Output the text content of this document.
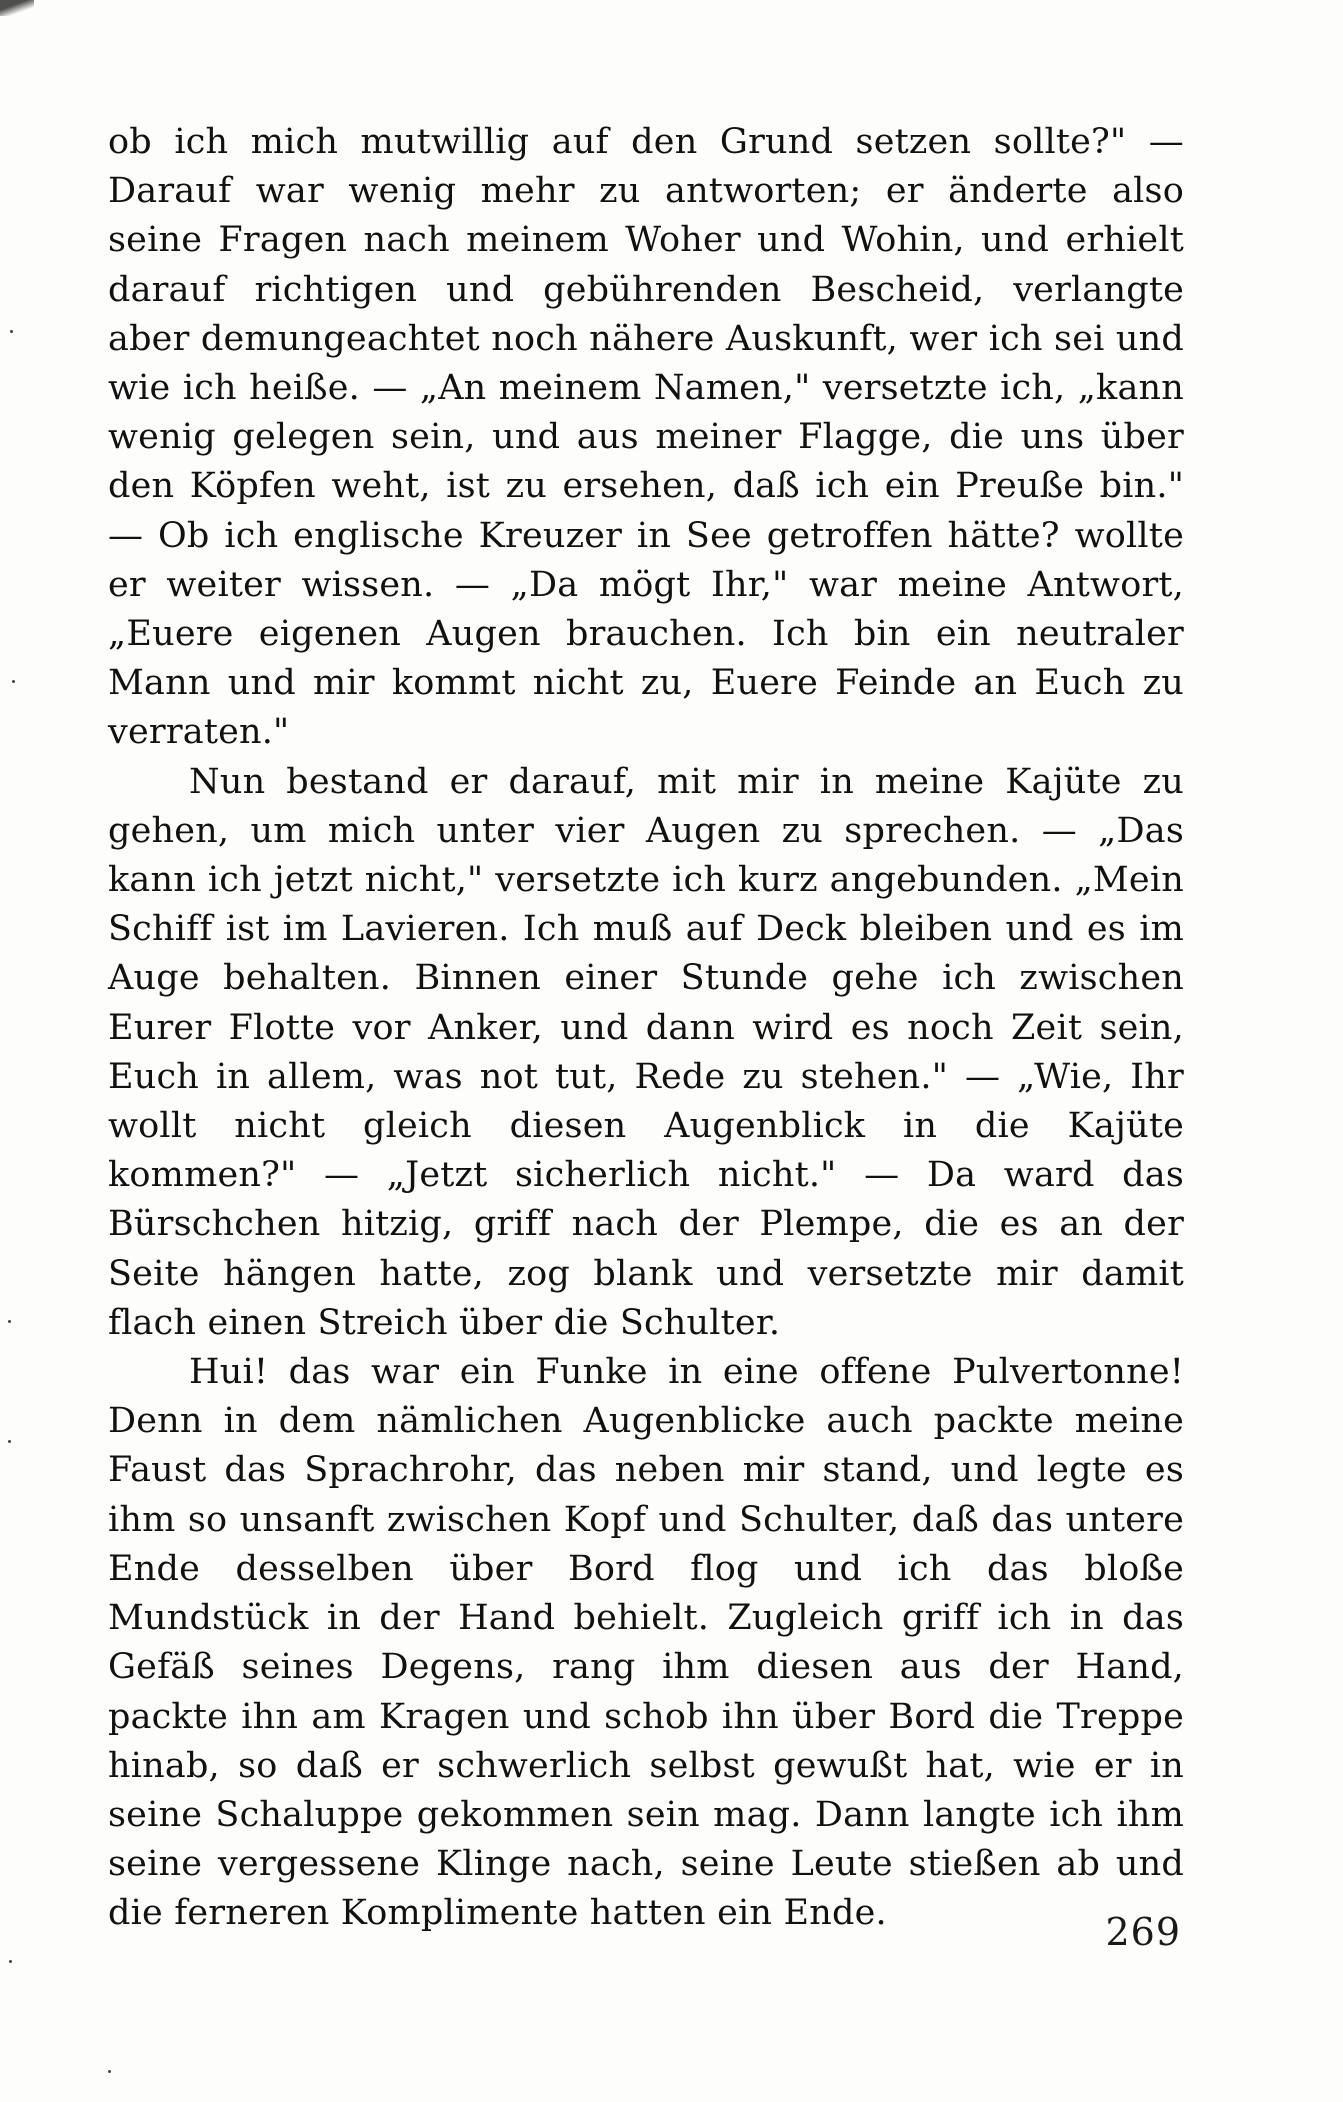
ob ich mich mutwillig auf den Grund setzen sollte?" — Darauf war wenig mehr zu antworten; er änderte also seine Fragen nach meinem Woher und Wohin, und erhielt darauf richtigen und gebührenden Bescheid, verlangte aber demungeachtet noch nähere Auskunft, wer ich sei und wie ich heiße. — „An meinem Namen," versetzte ich, „kann wenig gelegen sein, und aus meiner Flagge, die uns über den Köpfen weht, ist zu ersehen, daß ich ein Preuße bin." — Ob ich englische Kreuzer in See getroffen hätte? wollte er weiter wissen. — „Da mögt Ihr," war meine Antwort, „Euere eigenen Augen brauchen. Ich bin ein neutraler Mann und mir kommt nicht zu, Euere Feinde an Euch zu verraten."

Nun bestand er darauf, mit mir in meine Kajüte zu gehen, um mich unter vier Augen zu sprechen. — „Das kann ich jetzt nicht," versetzte ich kurz angebunden. „Mein Schiff ist im Lavieren. Ich muß auf Deck bleiben und es im Auge behalten. Binnen einer Stunde gehe ich zwischen Eurer Flotte vor Anker, und dann wird es noch Zeit sein, Euch in allem, was not tut, Rede zu stehen." — „Wie, Ihr wollt nicht gleich diesen Augenblick in die Kajüte kommen?" — „Jetzt sicherlich nicht." — Da ward das Bürschchen hitzig, griff nach der Plempe, die es an der Seite hängen hatte, zog blank und versetzte mir damit flach einen Streich über die Schulter.

Hui! das war ein Funke in eine offene Pulvertonne! Denn in dem nämlichen Augenblicke auch packte meine Faust das Sprachrohr, das neben mir stand, und legte es ihm so unsanft zwischen Kopf und Schulter, daß das untere Ende desselben über Bord flog und ich das bloße Mundstück in der Hand behielt. Zugleich griff ich in das Gefäß seines Degens, rang ihm diesen aus der Hand, packte ihn am Kragen und schob ihn über Bord die Treppe hinab, so daß er schwerlich selbst gewußt hat, wie er in seine Schaluppe gekommen sein mag. Dann langte ich ihm seine vergessene Klinge nach, seine Leute stießen ab und die ferneren Komplimente hatten ein Ende.	269
